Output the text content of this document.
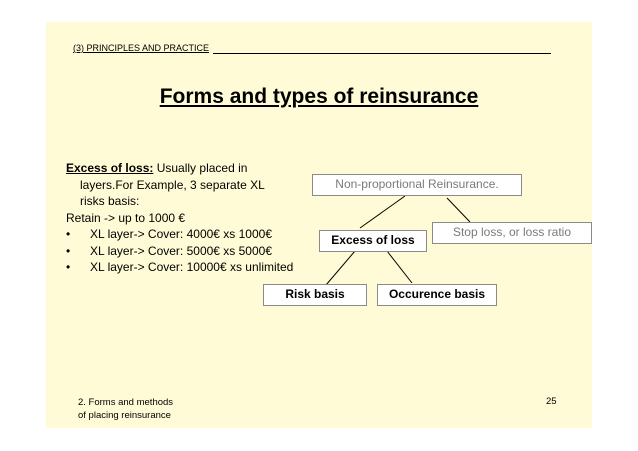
(3) PRINCIPLES AND PRACTICE
Forms and types of reinsurance
Excess of loss: Usually placed in
layers.For Example, 3 separate XL
risks basis:
Retain -> up to 1000 €
• XL layer-> Cover: 4000€ xs 1000€
• XL layer-> Cover: 5000€ xs 5000€
• XL layer-> Cover: 10000€ xs unlimited
Non-proportional Reinsurance.
Excess of loss
Stop loss, or loss ratio
Risk basis	Occurence basis
2. Forms and methods
of placing reinsurance
25
